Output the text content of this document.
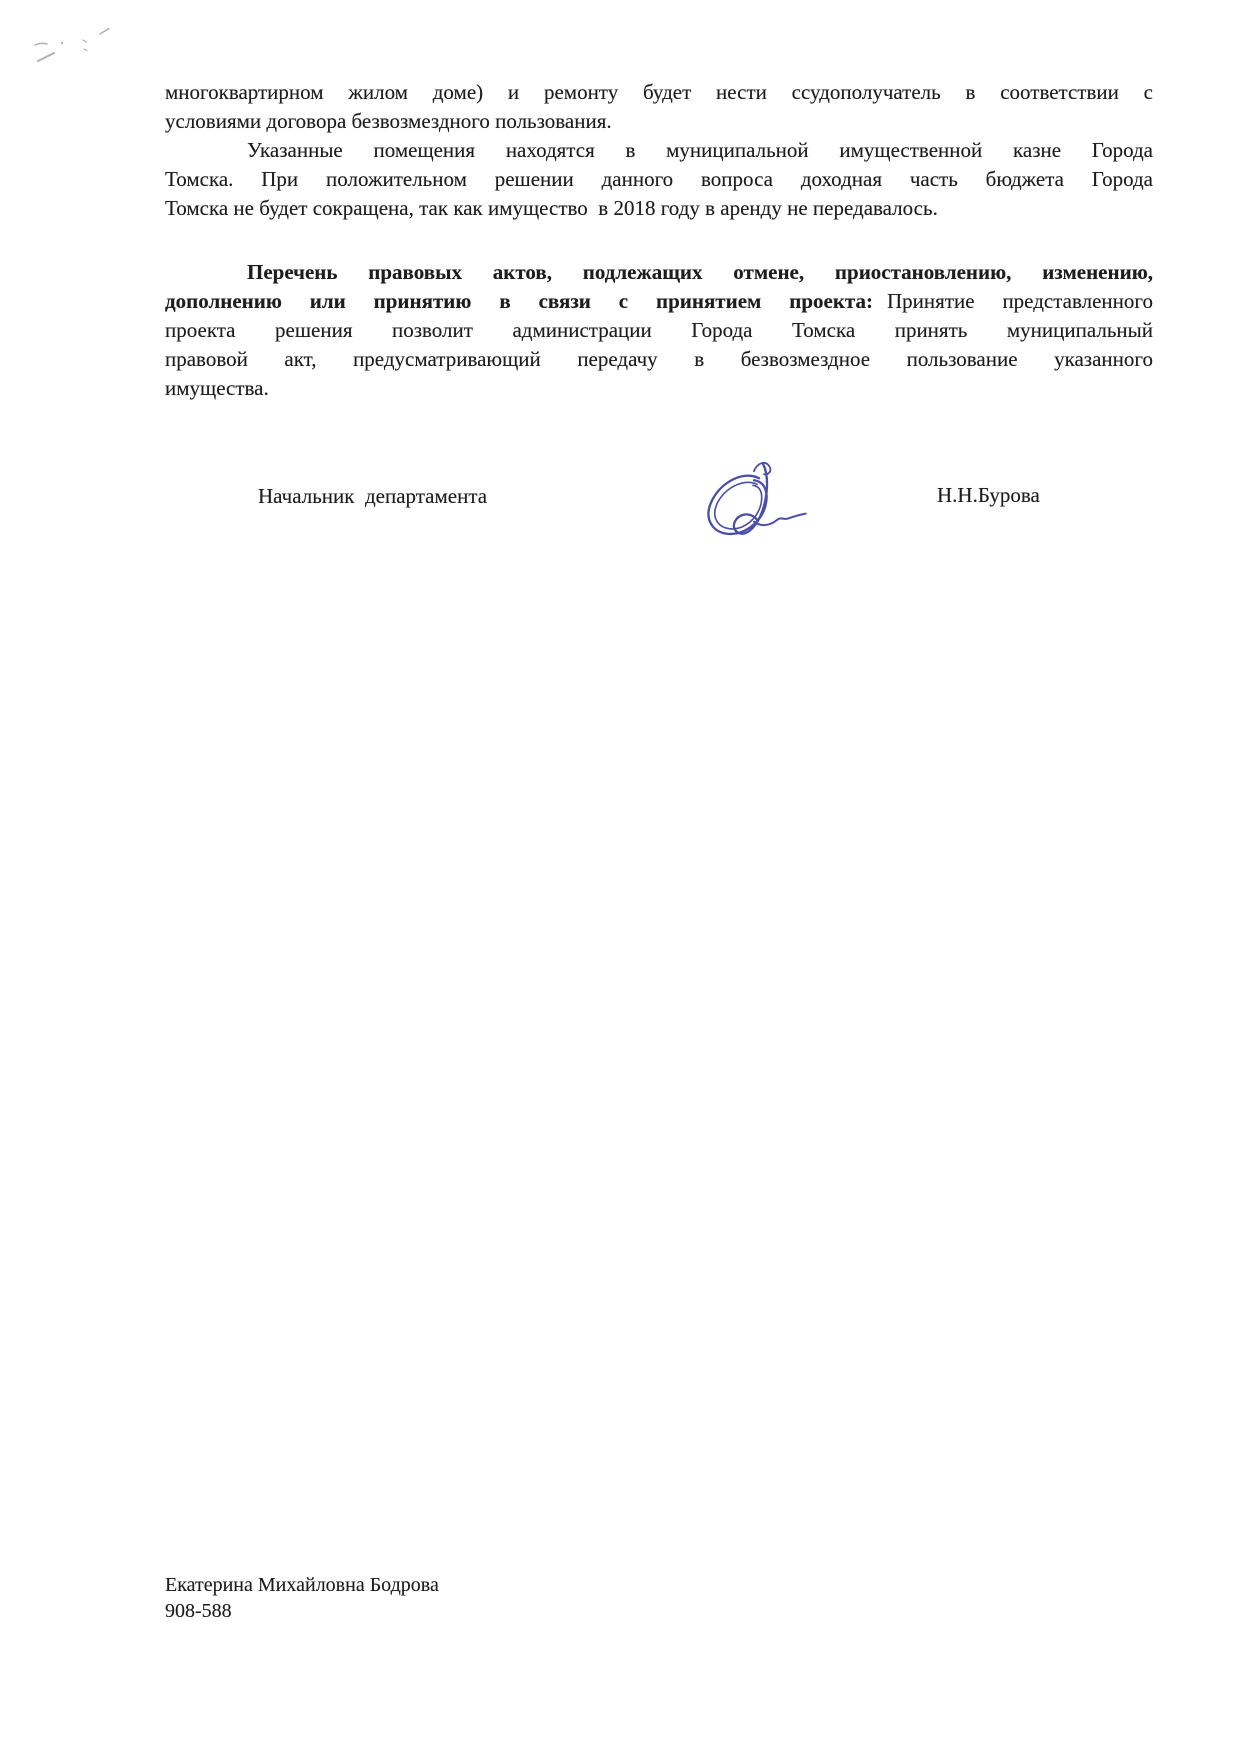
многоквартирном жилом доме) и ремонту будет нести ссудополучатель в соответствии с
условиями договора безвозмездного пользования.
Указанные помещения находятся в муниципальной имущественной казне Города
Томска. При положительном решении данного вопроса доходная часть бюджета Города
Томска не будет сокращена, так как имущество  в 2018 году в аренду не передавалось.
Перечень правовых актов, подлежащих отмене, приостановлению, изменению,
дополнению или принятию в связи с принятием проекта: Принятие представленного
проекта решения позволит администрации Города Томска принять муниципальный
правовой акт, предусматривающий передачу в безвозмездное пользование указанного
имущества.
Начальник  департамента	Н.Н.Бурова
Екатерина Михайловна Бодрова
908-588
